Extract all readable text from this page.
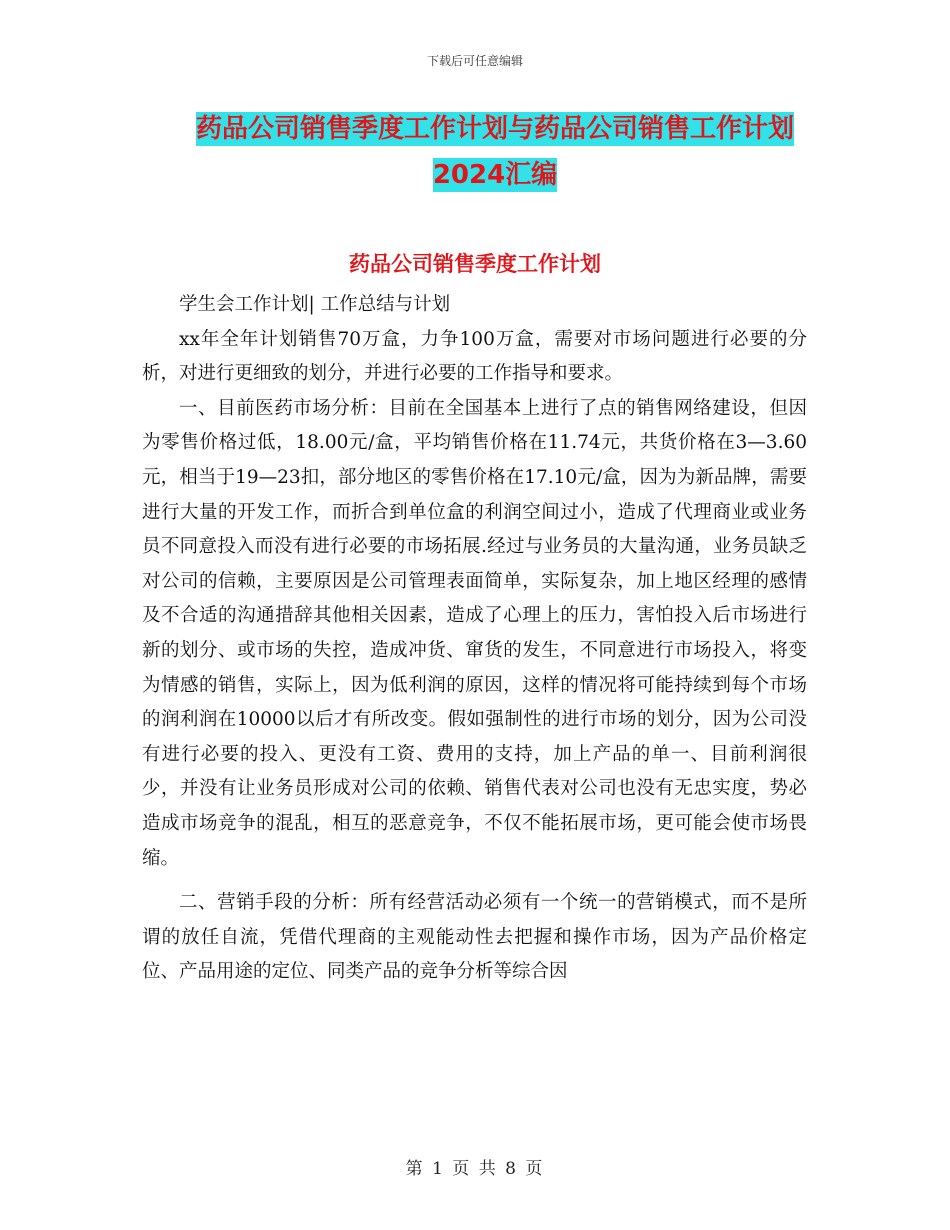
下载后可任意编辑
药品公司销售季度工作计划与药品公司销售工作计划
2024汇编
药品公司销售季度工作计划

学生会工作计划| 工作总结与计划

xx年全年计划销售70万盒，力争100万盒，需要对市场问题进行必要的分析，对进行更细致的划分，并进行必要的工作指导和要求。

一、目前医药市场分析：目前在全国基本上进行了点的销售网络建设，但因为零售价格过低，18.00元/盒，平均销售价格在11.74元，共货价格在3—3.60元，相当于19—23扣，部分地区的零售价格在17.10元/盒，因为为新品牌，需要进行大量的开发工作，而折合到单位盒的利润空间过小，造成了代理商业或业务员不同意投入而没有进行必要的市场拓展.经过与业务员的大量沟通，业务员缺乏对公司的信赖，主要原因是公司管理表面简单，实际复杂，加上地区经理的感情及不合适的沟通措辞其他相关因素，造成了心理上的压力，害怕投入后市场进行新的划分、或市场的失控，造成冲货、窜货的发生，不同意进行市场投入，将变为情感的销售，实际上，因为低利润的原因，这样的情况将可能持续到每个市场的润利润在10000以后才有所改变。假如强制性的进行市场的划分，因为公司没有进行必要的投入、更没有工资、费用的支持，加上产品的单一、目前利润很少，并没有让业务员形成对公司的依赖、销售代表对公司也没有无忠实度，势必造成市场竞争的混乱，相互的恶意竞争，不仅不能拓展市场，更可能会使市场畏缩。

二、营销手段的分析：所有经营活动必须有一个统一的营销模式，而不是所谓的放任自流，凭借代理商的主观能动性去把握和操作市场，因为产品价格定位、产品用途的定位、同类产品的竞争分析等综合因

第 1 页 共 8 页
